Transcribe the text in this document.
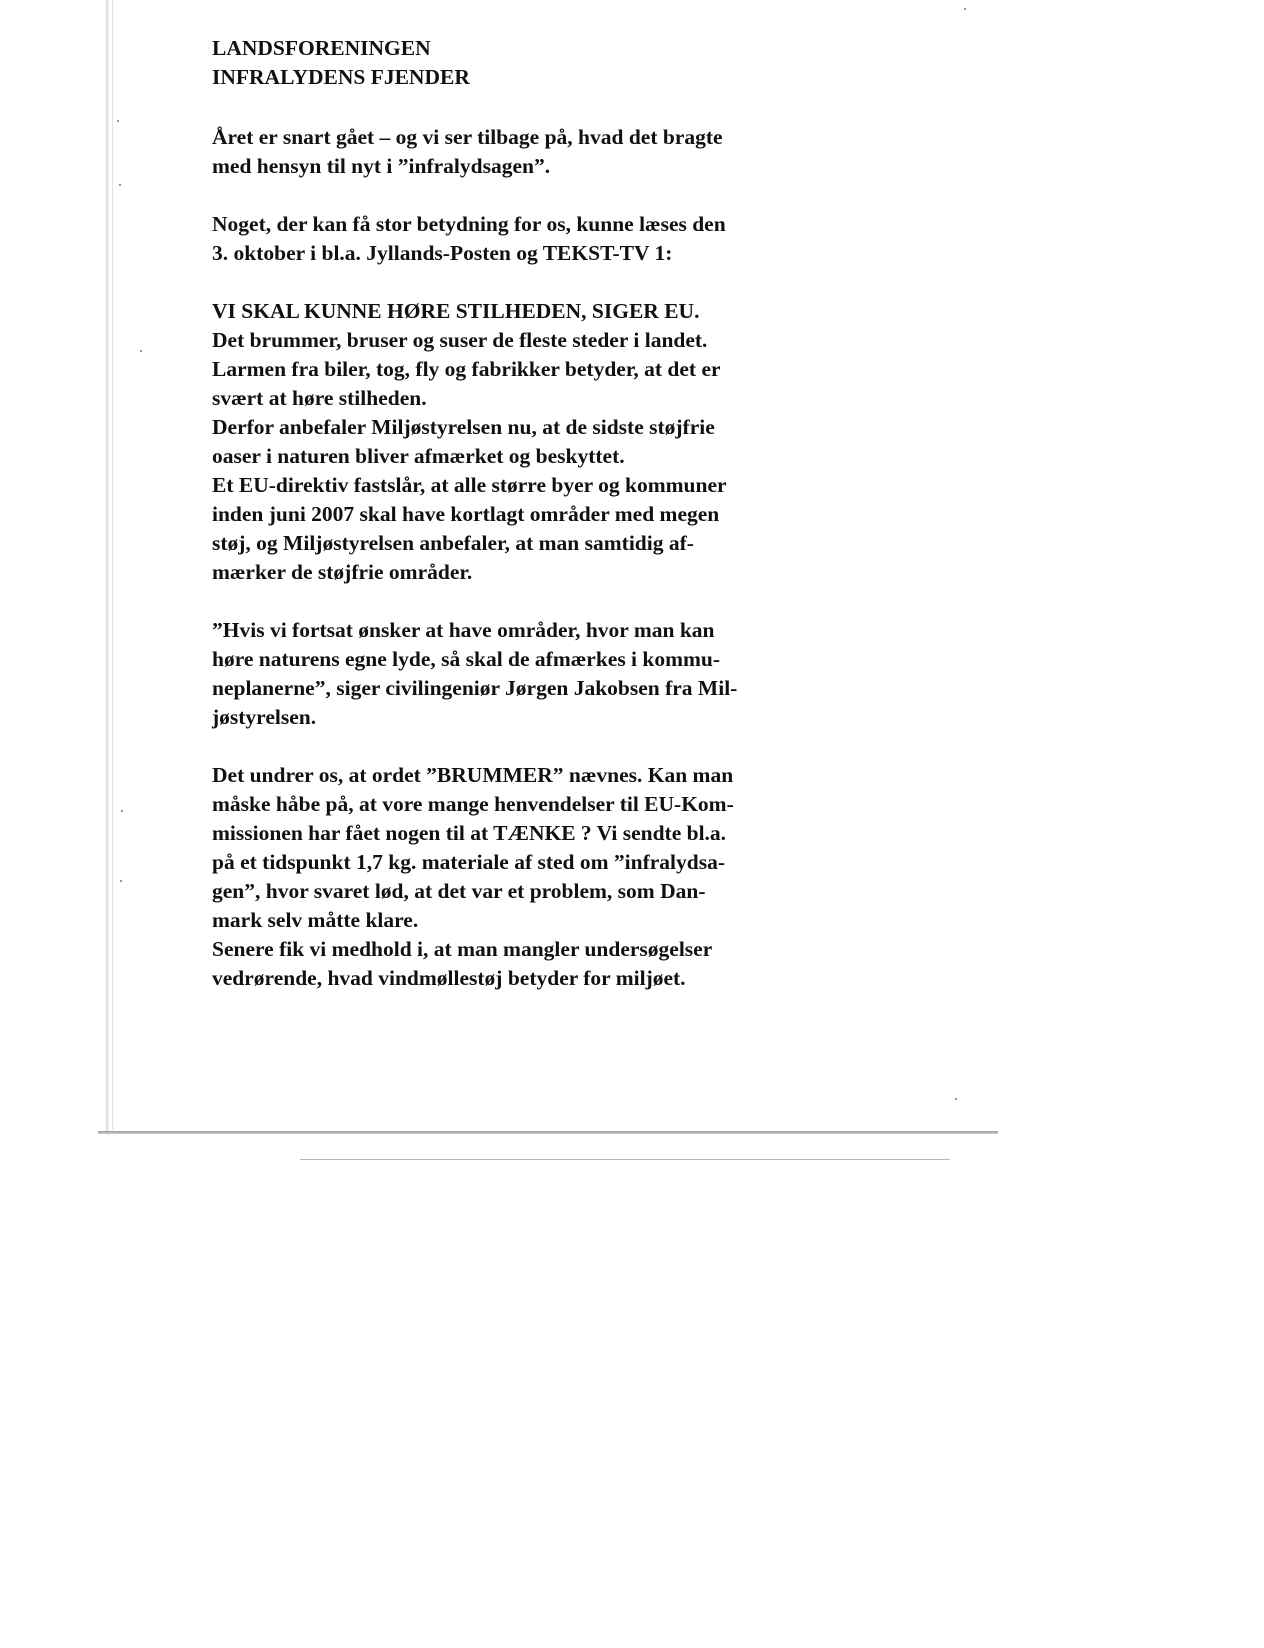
LANDSFORENINGEN
INFRALYDENS FJENDER

Året er snart gået – og vi ser tilbage på, hvad det bragte
med hensyn til nyt i ”infralydsagen”.

Noget, der kan få stor betydning for os, kunne læses den
3. oktober i bl.a. Jyllands-Posten og TEKST-TV 1:

VI SKAL KUNNE HØRE STILHEDEN, SIGER EU.
Det brummer, bruser og suser de fleste steder i landet.
Larmen fra biler, tog, fly og fabrikker betyder, at det er
svært at høre stilheden.
Derfor anbefaler Miljøstyrelsen nu, at de sidste støjfrie
oaser i naturen bliver afmærket og beskyttet.
Et EU-direktiv fastslår, at alle større byer og kommuner
inden juni 2007 skal have kortlagt områder med megen
støj, og Miljøstyrelsen anbefaler, at man samtidig af-
mærker de støjfrie områder.

”Hvis vi fortsat ønsker at have områder, hvor man kan
høre naturens egne lyde, så skal de afmærkes i kommu-
neplanerne”, siger civilingeniør Jørgen Jakobsen fra Mil-
jøstyrelsen.

Det undrer os, at ordet ”BRUMMER” nævnes. Kan man
måske håbe på, at vore mange henvendelser til EU-Kom-
missionen har fået nogen til at TÆNKE ? Vi sendte bl.a.
på et tidspunkt 1,7 kg. materiale af sted om ”infralydsa-
gen”, hvor svaret lød, at det var et problem, som Dan-
mark selv måtte klare.
Senere fik vi medhold i, at man mangler undersøgelser
vedrørende, hvad vindmøllestøj betyder for miljøet.
